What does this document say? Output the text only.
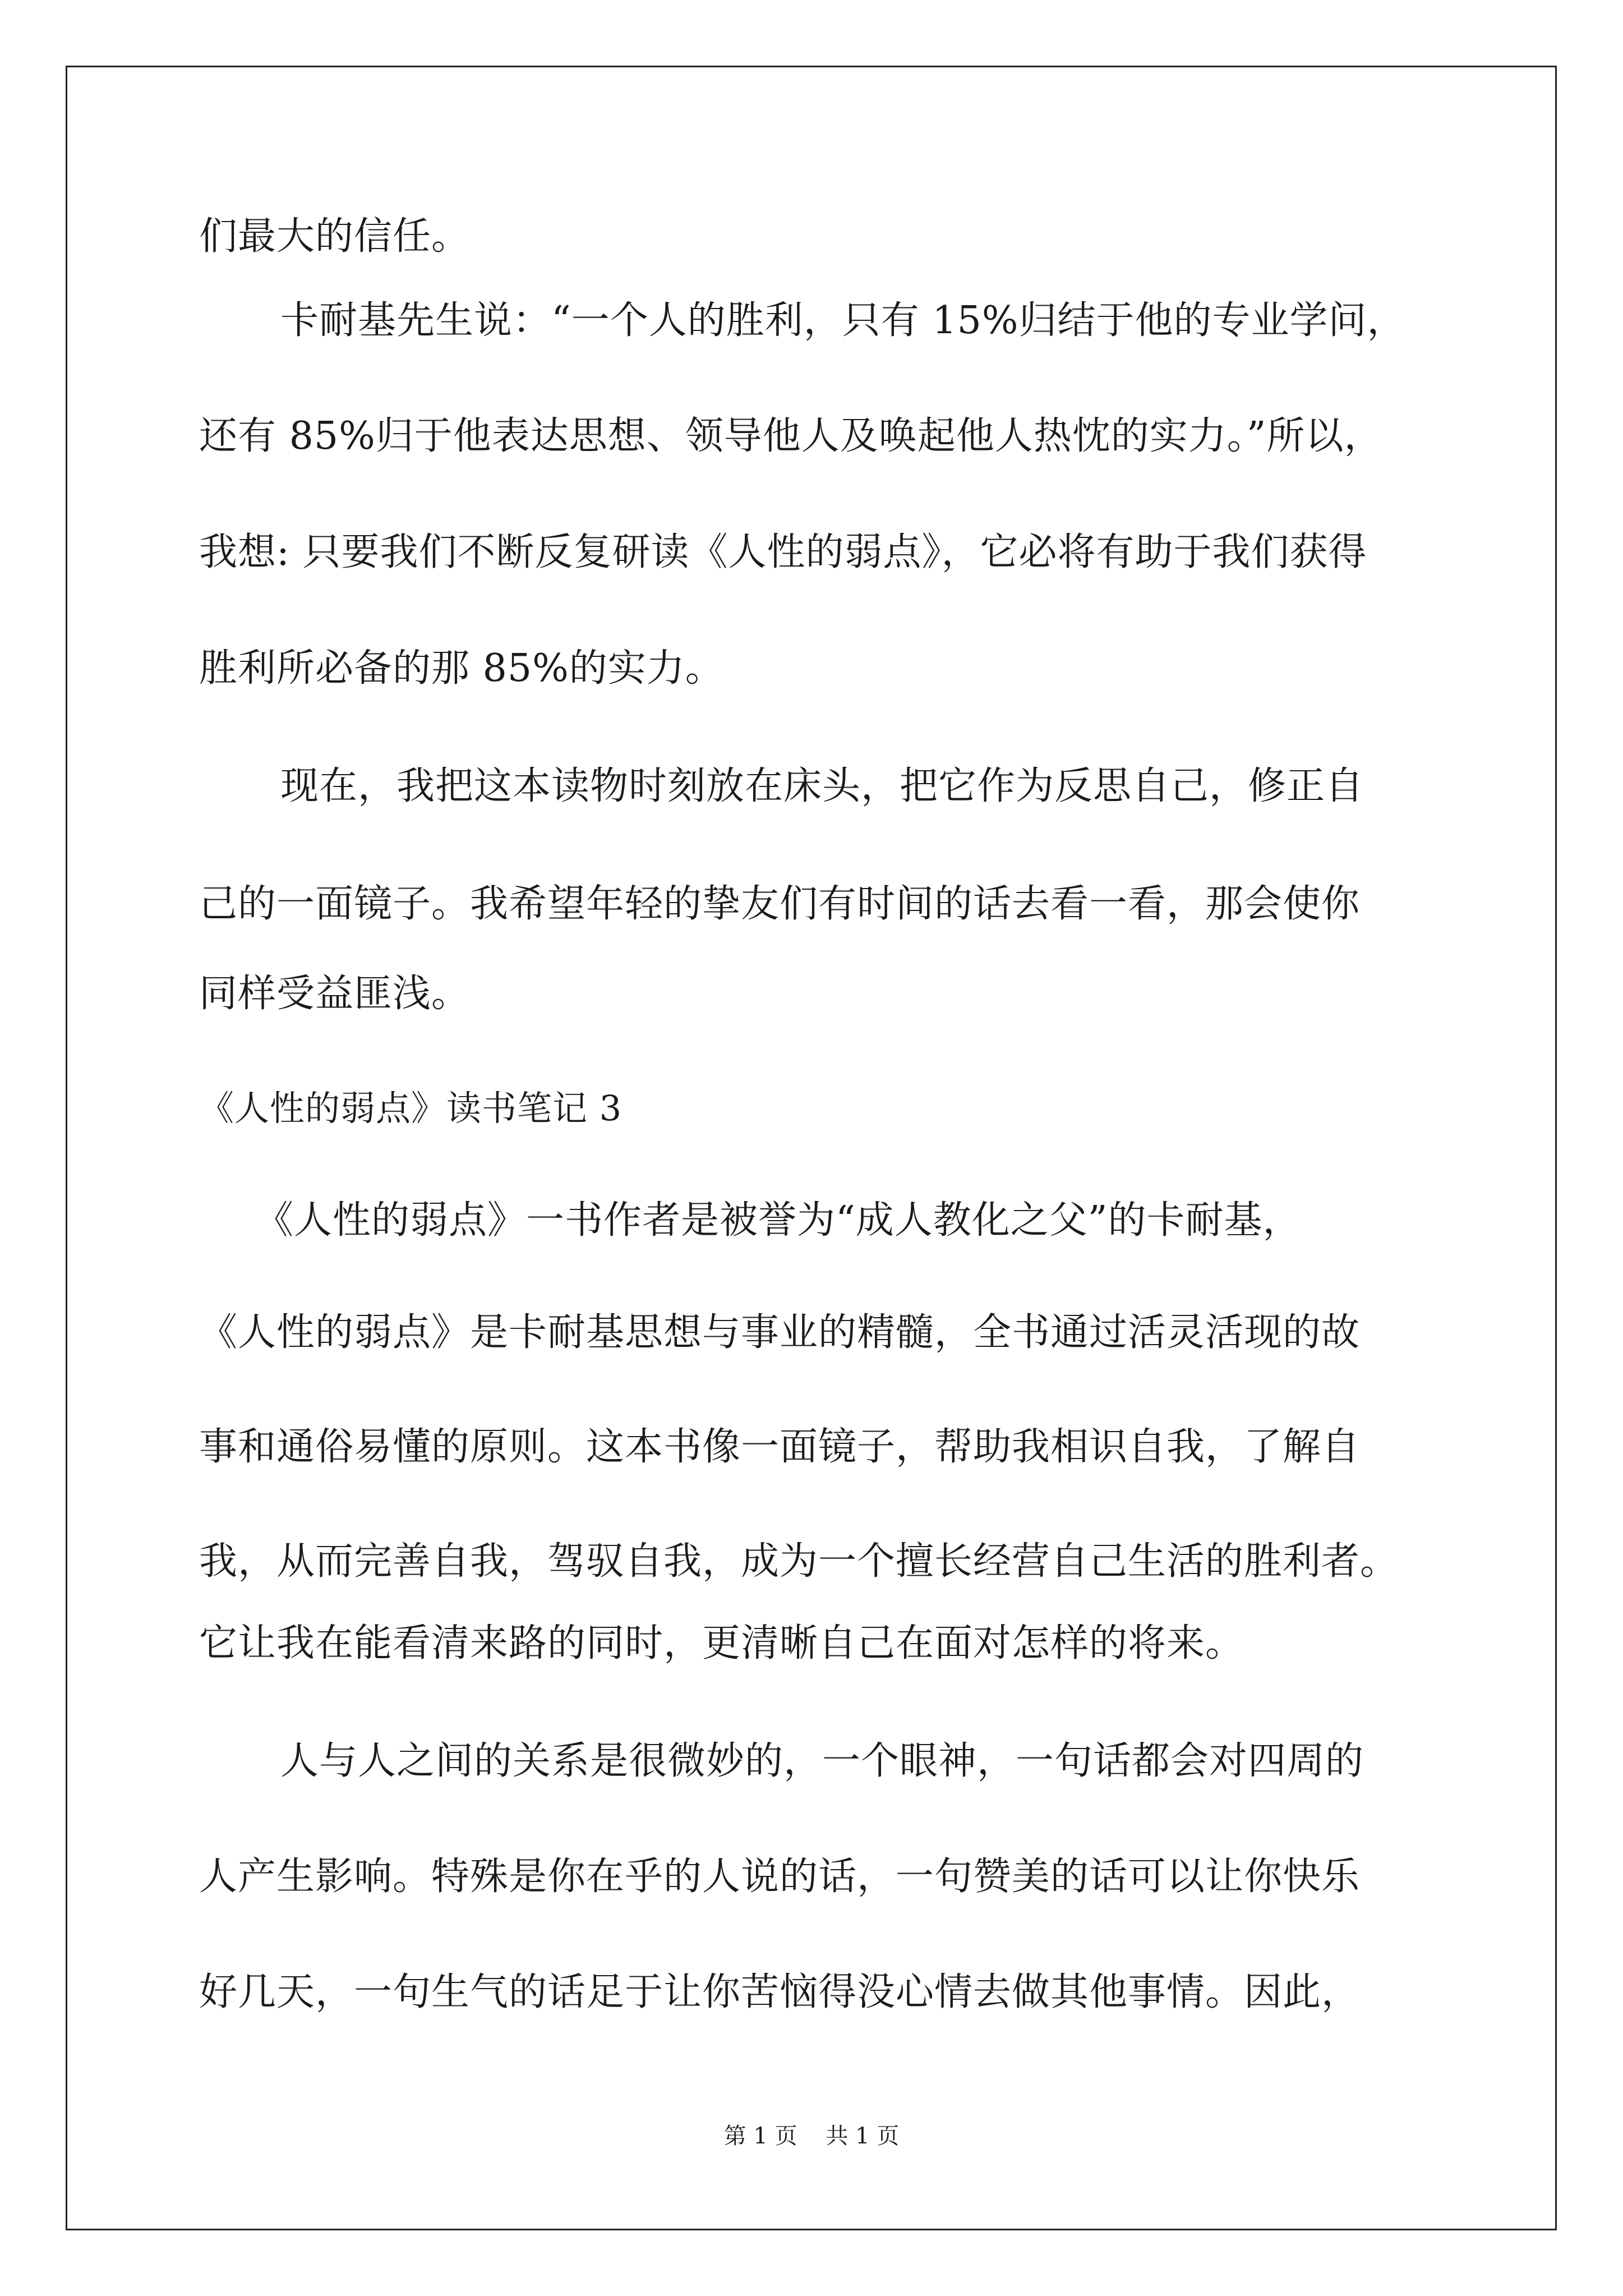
们最大的信任。
卡耐基先生说：“一个人的胜利，只有 15%归结于他的专业学问，
还有 85%归于他表达思想、领导他人及唤起他人热忱的实力。”所以，
我想: 只要我们不断反复研读《人性的弱点》，它必将有助于我们获得
胜利所必备的那 85%的实力。
现在，我把这本读物时刻放在床头，把它作为反思自己，修正自
己的一面镜子。我希望年轻的挚友们有时间的话去看一看，那会使你
同样受益匪浅。
《人性的弱点》读书笔记 3
《人性的弱点》一书作者是被誉为“成人教化之父”的卡耐基，
《人性的弱点》是卡耐基思想与事业的精髓，全书通过活灵活现的故
事和通俗易懂的原则。这本书像一面镜子，帮助我相识自我，了解自
我，从而完善自我，驾驭自我，成为一个擅长经营自己生活的胜利者。
它让我在能看清来路的同时，更清晰自己在面对怎样的将来。
人与人之间的关系是很微妙的，一个眼神，一句话都会对四周的
人产生影响。特殊是你在乎的人说的话，一句赞美的话可以让你快乐
好几天，一句生气的话足于让你苦恼得没心情去做其他事情。因此，
第 1 页    共 1 页
